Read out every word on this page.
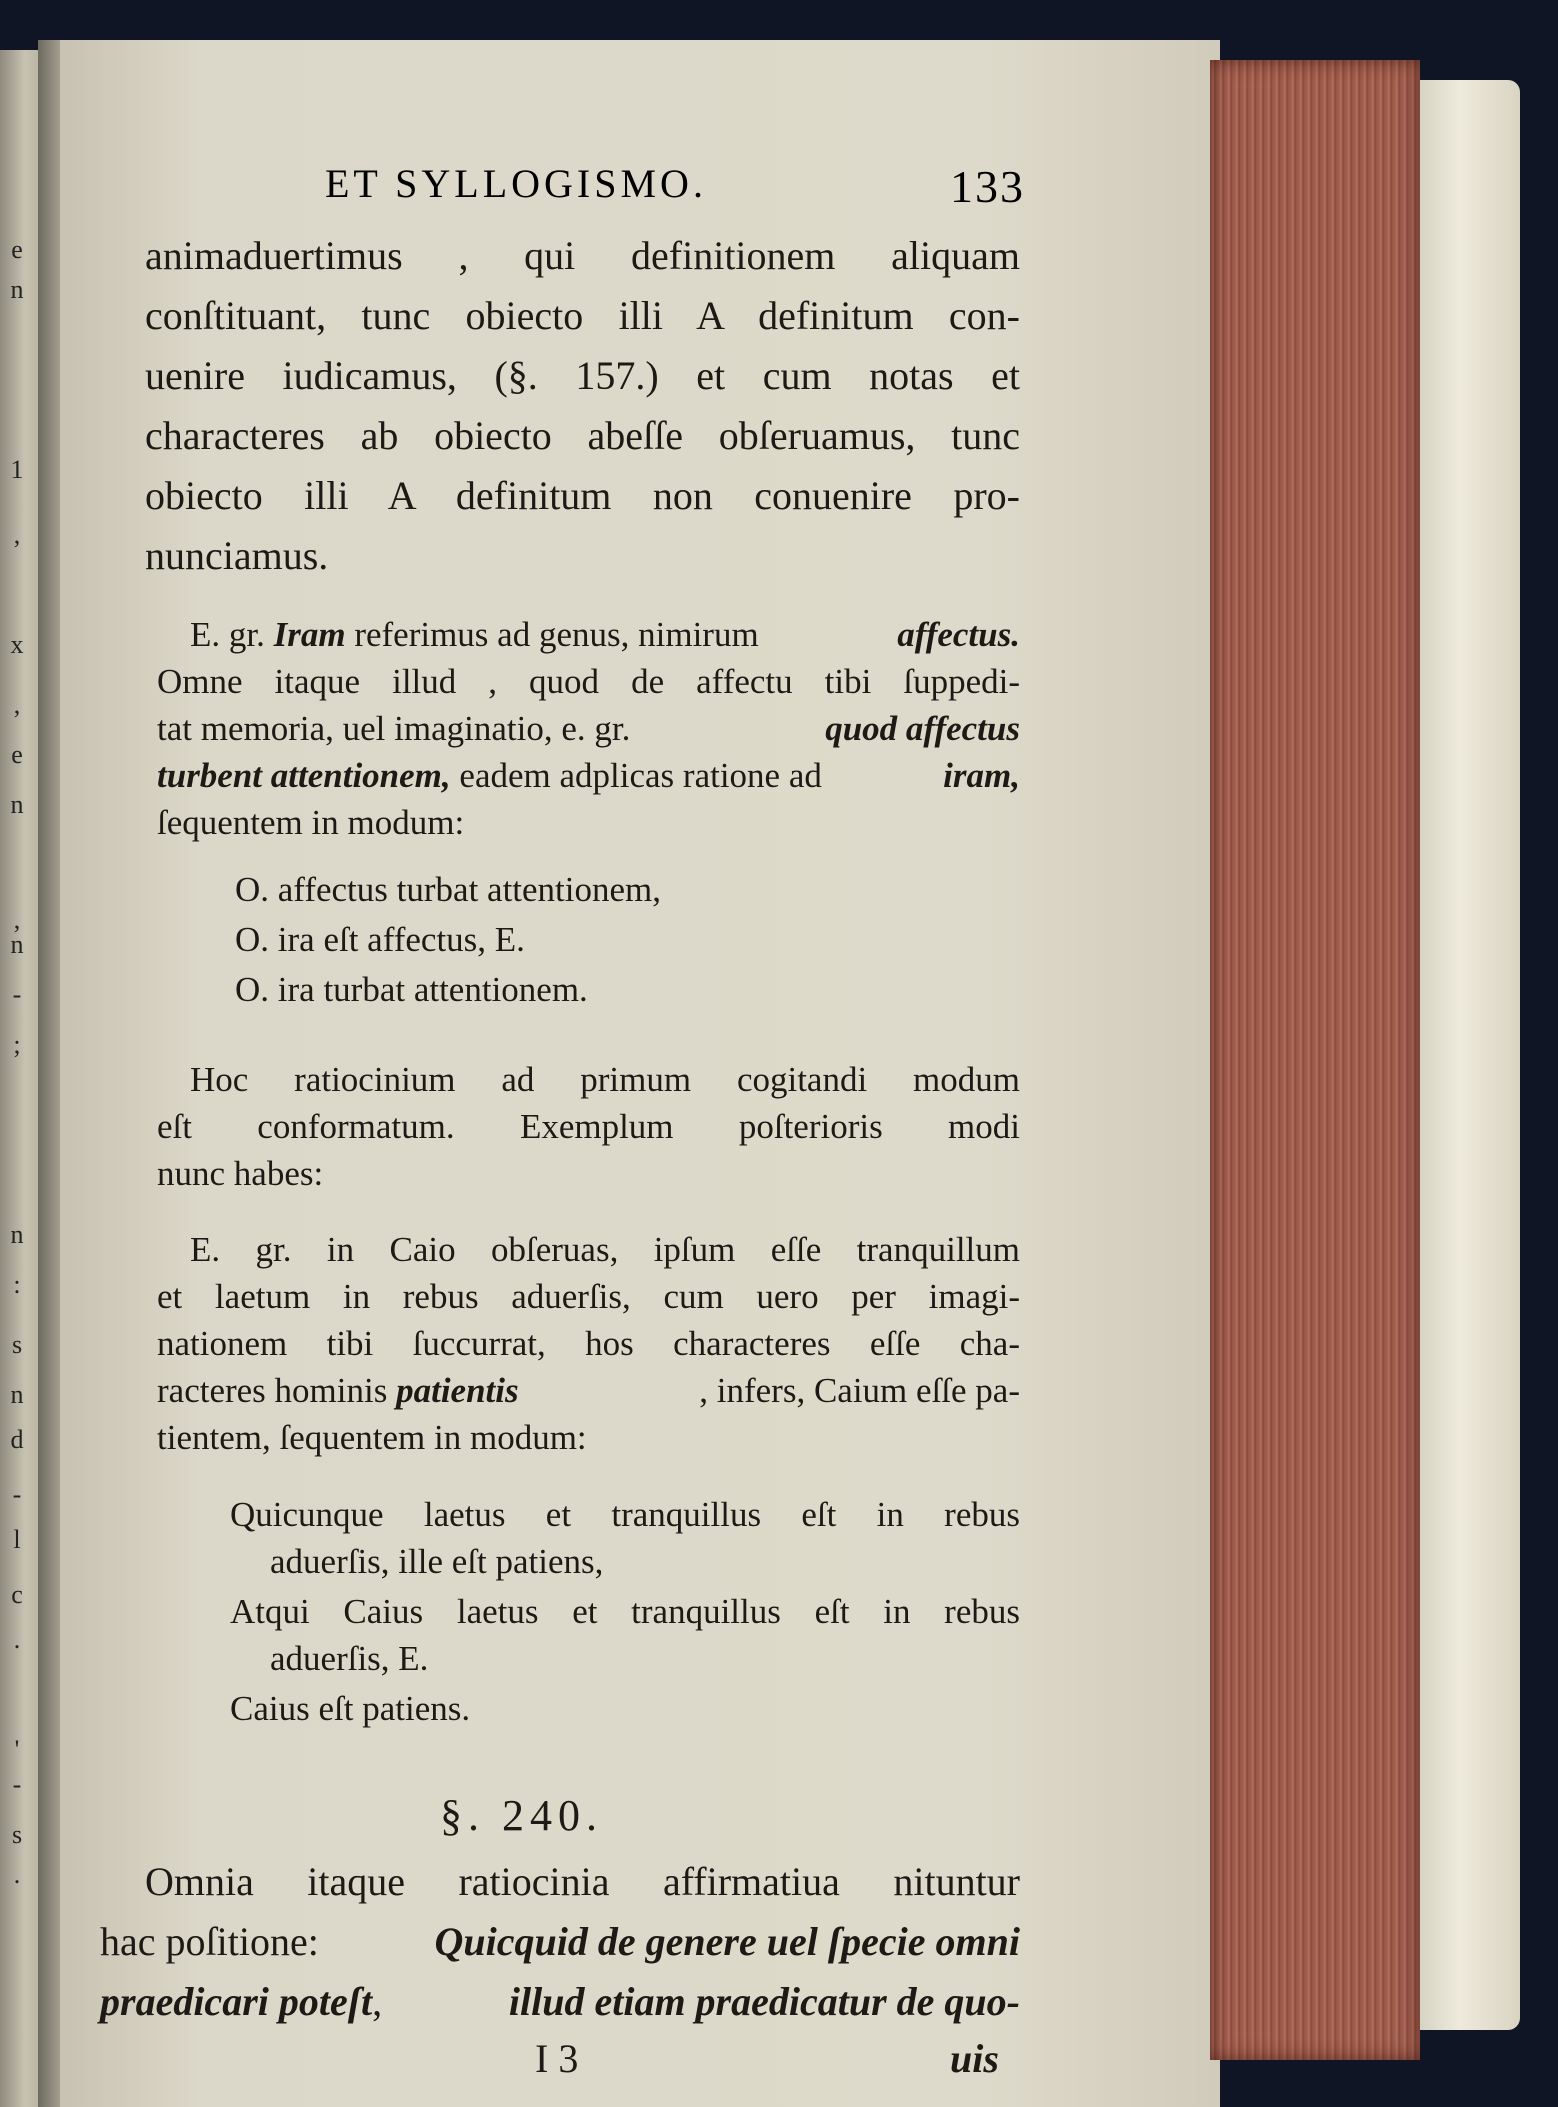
e
n
1
,
x
,
e
n
,
n
-
;
n
:
s
n
d
-
l
c
.
'
-
s
.
ET SYLLOGISMO.	133
animaduertimus , qui definitionem aliquam
conſtituant, tunc obiecto illi A definitum con-
uenire iudicamus, (§. 157.) et cum notas et
characteres ab obiecto abeſſe obſeruamus, tunc
obiecto illi A definitum non conuenire pro-
nunciamus.
E. gr. Iram referimus ad genus, nimirum	affectus.
Omne itaque illud , quod de affectu tibi ſuppedi-
tat memoria, uel imaginatio, e. gr.	quod affectus
turbent attentionem, eadem adplicas ratione ad	iram,
ſequentem in modum:
O. affectus turbat attentionem,
O. ira eſt affectus, E.
O. ira turbat attentionem.
Hoc ratiocinium ad primum cogitandi modum
eſt conformatum. Exemplum poſterioris modi
nunc habes:
E. gr. in Caio obſeruas, ipſum eſſe tranquillum
et laetum in rebus aduerſis, cum uero per imagi-
nationem tibi ſuccurrat, hos characteres eſſe cha-
racteres hominis patientis	, infers, Caium eſſe pa-
tientem, ſequentem in modum:
Quicunque laetus et tranquillus eſt in rebus
aduerſis, ille eſt patiens,
Atqui Caius laetus et tranquillus eſt in rebus
aduerſis, E.
Caius eſt patiens.
§. 240.
Omnia itaque ratiocinia affirmatiua nituntur
hac poſitione:	Quicquid de genere uel ſpecie omni
praedicari poteſt,	illud etiam praedicatur de quo-
I 3	uis
